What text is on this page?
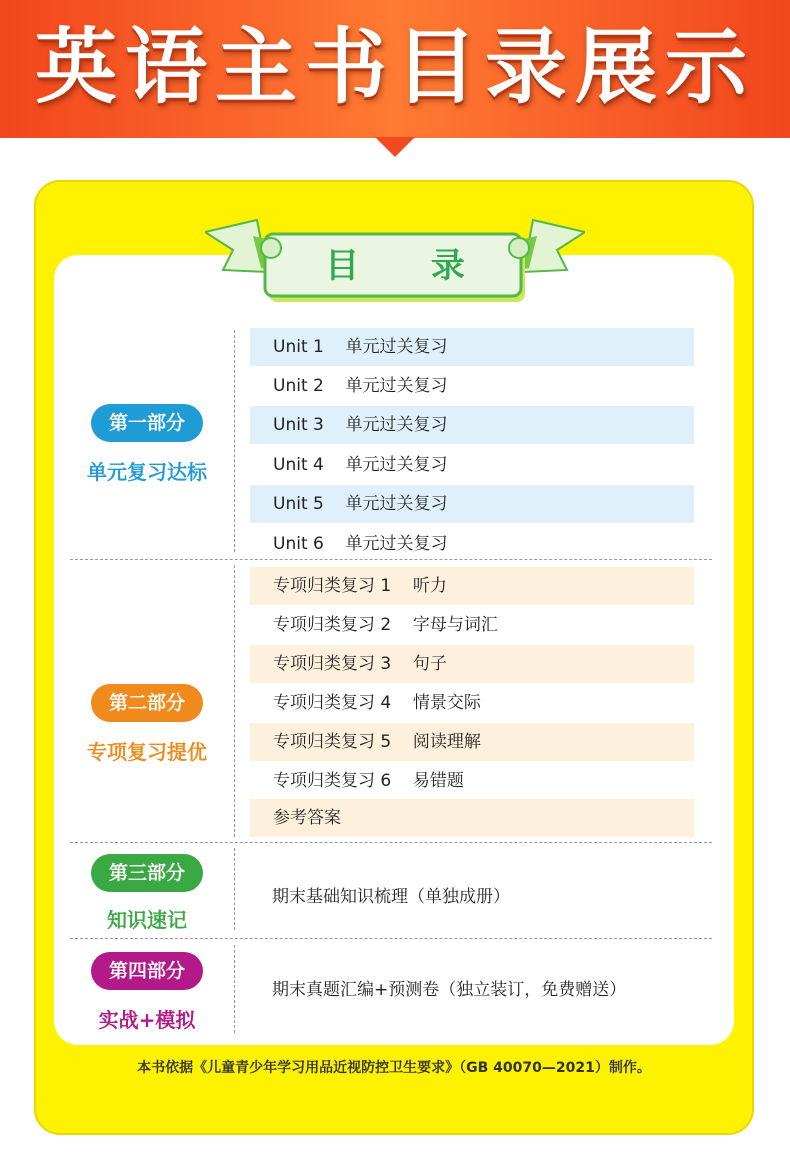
英语主书目录展示
目 录
第一部分
单元复习达标
Unit 1    单元过关复习
Unit 2    单元过关复习
Unit 3    单元过关复习
Unit 4    单元过关复习
Unit 5    单元过关复习
Unit 6    单元过关复习
第二部分
专项复习提优
专项归类复习 1    听力
专项归类复习 2    字母与词汇
专项归类复习 3    句子
专项归类复习 4    情景交际
专项归类复习 5    阅读理解
专项归类复习 6    易错题
参考答案
第三部分
知识速记
期末基础知识梳理（单独成册）
第四部分
实战+模拟
期末真题汇编+预测卷（独立装订，免费赠送）
本书依据《儿童青少年学习用品近视防控卫生要求》（GB 40070—2021）制作。
